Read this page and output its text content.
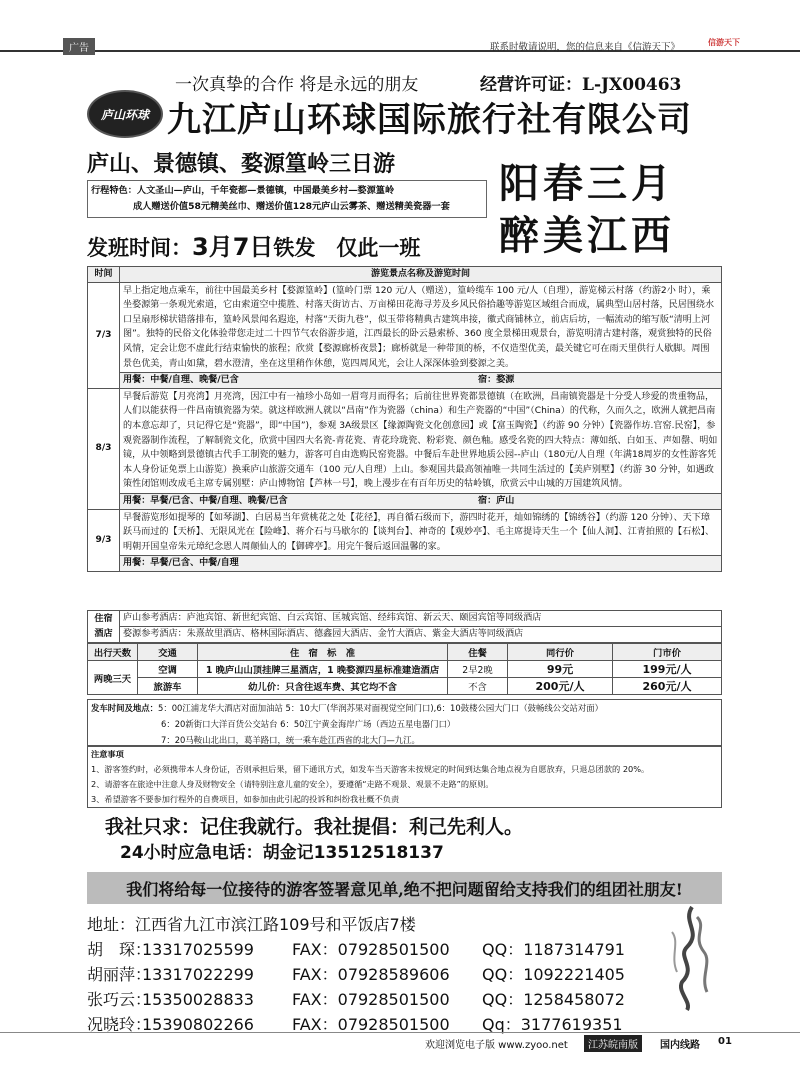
广告	联系时敬请说明，您的信息来自《信游天下》	信游天下
一次真挚的合作 将是永远的朋友	经营许可证：L-JX00463
庐山环球 九江庐山环球国际旅行社有限公司
庐山、景德镇、婺源篁岭三日游
行程特色：人文圣山—庐山，千年瓷都—景德镇，中国最美乡村—婺源篁岭
成人赠送价值58元精美丝巾、赠送价值128元庐山云雾茶、赠送精美瓷器一套	阳春三月
醉美江西
发班时间：3月7日铁发　仅此一班
时间	游览景点名称及游览时间
7/3	早上指定地点乘车，前往中国最美乡村【婺源篁岭】(篁岭门票 120 元/人（赠送），篁岭缆车 100 元/人（自理），游览梯云村落（约游2小 时），乘坐婺源第一条观光索道，它由索道空中揽胜、村落天街访古、万亩梯田花海寻芳及乡风民俗拾趣等游览区域组合而成，属典型山居村落，民居围绕水口呈扇形梯状错落排布，篁岭风景闻名遐迩，村落“天街九巷”，似玉带将精典古建筑串接，徽式商铺林立，前店后坊，一幅流动的缩写版“清明上河图”。独特的民俗文化体验带您走过二十四节气农俗游步道，江西最长的卧云悬索桥、360 度全景梯田观景台，游览明清古建村落，观赏独特的民俗风情，定会让您不虚此行结束愉快的旅程；欣赏【婺源廊桥夜景】；廊桥就是一种带顶的桥，不仅造型优美，最关键它可在雨天里供行人歇脚。周围景色优美，青山如黛，碧水澄清，坐在这里稍作休憩，览四周风光，会让人深深体验到婺源之美。

	宿：婺源
用餐：中餐/自理、晚餐/已含
8/3	早餐后游览【月亮湾】月亮湾，因江中有一袖珍小岛如一眉弯月而得名；后前往世界瓷都景德镇（在欧洲，昌南镇瓷器是十分受人珍爱的贵重物品，人们以能获得一件昌南镇瓷器为荣。就这样欧洲人就以“昌南”作为瓷器（china）和生产瓷器的“中国”（China）的代称，久而久之，欧洲人就把昌南的本意忘却了，只记得它是“瓷器”，即“中国”)，参观 3A级景区【缘源陶瓷文化创意园】或【富玉陶瓷】（约游 90 分钟）【瓷器作坊.官窑.民窑】，参观瓷器制作流程，了解制瓷文化，欣赏中国四大名瓷-青花瓷、青花玲珑瓷、粉彩瓷、颜色釉。感受名瓷的四大特点：薄如纸、白如玉、声如罄、明如镜，从中领略到景德镇古代手工制瓷的魅力，游客可自由选购民窑瓷器。中餐后车赴世界地质公园--庐山（180元/人自理（年满18周岁的女性游客凭本人身份证免票上山游览）换乘庐山旅游交通车（100 元/人自理）上山。参观国共最高领袖唯一共同生活过的【美庐别墅】（约游 30 分钟，如遇政策性闭馆则改成毛主席专属别墅：庐山博物馆【芦林一号】，晚上漫步在有百年历史的牯岭镇，欣赏云中山城的万国建筑风情。

	宿：庐山
用餐：早餐/已含、中餐/自理、晚餐/已含
9/3	早餐游览形如提琴的【如琴湖】、白居易当年赏桃花之处【花径】，再自循石级而下，游四时花开，灿如锦绣的【锦绣谷】（约游 120 分钟）、天下璋跃马而过的【天桥】、无限风光在【险峰】、蒋介石与马歇尔的【谈判台】、神奇的【观妙亭】、毛主席提诗天生一个【仙人洞】、江青拍照的【石松】、明朝开国皇帝朱元璋纪念恩人周颠仙人的【御碑亭】。用完午餐后返回温馨的家。
	用餐：早餐/已含、中餐/自理
住宿酒店	庐山参考酒店：庐池宾馆、新世纪宾馆、白云宾馆、匡城宾馆、经纬宾馆、新云天、颐园宾馆等同级酒店
婺源参考酒店：朱熹故里酒店、格林国际酒店、德鑫园大酒店、金竹大酒店、紫金大酒店等同级酒店
出行天数	交通	住　宿　标　准	住餐	同行价	门市价
两晚三天	空调	1 晚庐山山顶挂牌三星酒店，1 晚婺源四星标准建造酒店	2早2晚	99元	199元/人
	旅游车	幼儿价：只含往返车费、其它均不含	不含	200元/人	260元/人
发车时间及地点：5：00江浦龙华大酒店对面加油站 5：10大厂(华润苏果对面视觉空间门口),6：10鼓楼公园大门口（鼓畅线公交站对面）
6：20新街口大洋百货公交站台 6：50江宁黄金海岸广场（西边五星电器门口）
7：20马鞍山北出口，葛羊路口，统一乘车赴江西省的北大门—九江。
注意事项
1、游客签约时，必须携带本人身份证，否则承担后果，留下通讯方式，如发车当天游客未按规定的时间到达集合地点视为自愿放弃，只退总团款的 20%。
2、请游客在旅途中注意人身及财物安全（请特别注意儿童的安全），要遵循“走路不观景、观景不走路”的原则。
3、希望游客不要参加行程外的自费项目，如参加由此引起的投诉和纠纷我社概不负责
我社只求：记住我就行。我社提倡：利己先利人。
24小时应急电话：胡金记13512518137
我们将给每一位接待的游客签署意见单,绝不把问题留给支持我们的组团社朋友!
地址：江西省九江市滨江路109号和平饭店7楼
胡　琛：13317025599 FAX：07928501500 QQ：1187314791
胡丽萍：13317022299 FAX：07928589606 QQ：1092221405
张巧云：15350028833 FAX：07928501500 QQ：1258458072
况晓玲：15390802266 FAX：07928501500 Qq：3177619351
欢迎浏览电子版 www.zyoo.net	江苏皖南版	国内线路 01
